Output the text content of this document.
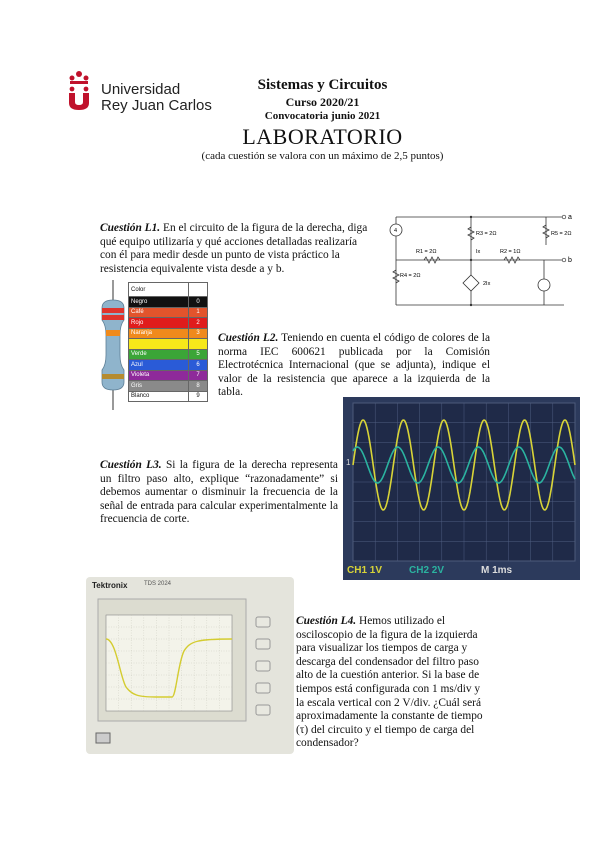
Universidad
Rey Juan Carlos
Sistemas y Circuitos
Curso 2020/21
Convocatoria junio 2021
LABORATORIO
(cada cuestión se valora con un máximo de 2,5 puntos)
Cuestión L1. En el circuito de la figura de la derecha, diga qué equipo utilizaría y qué acciones detalladas realizaría con él para medir desde un punto de vista práctico la resistencia equivalente vista desde a y b.
4
R1 = 2Ω	R2 = 1Ω
R3 = 2Ω
R4 = 2Ω
R5 = 2Ω
Ix
2Ix
a
b
Color	
Negro	0
Café	1
Rojo	2
Naranja	3
Amarillo	4
Verde	5
Azul	6
Violeta	7
Gris	8
Blanco	9
Cuestión L2. Teniendo en cuenta el código de colores de la norma IEC 600621 publicada por la Comisión Electrotécnica Internacional (que se adjunta), indique el valor de la resistencia que aparece a la izquierda de la tabla.
1
CH1 1V	CH2 2V	M 1ms
Cuestión L3. Si la figura de la derecha representa un filtro paso alto, explique “razonadamente” si debemos aumentar o disminuir la frecuencia de la señal de entrada para calcular experimentalmente la frecuencia de corte.
Tektronix	TDS 2024
Cuestión L4. Hemos utilizado el osciloscopio de la figura de la izquierda para visualizar los tiempos de carga y descarga del condensador del filtro paso alto de la cuestión anterior. Si la base de tiempos está configurada con 1 ms/div y la escala vertical con 2 V/div. ¿Cuál será aproximadamente la constante de tiempo (τ) del circuito y el tiempo de carga del condensador?
